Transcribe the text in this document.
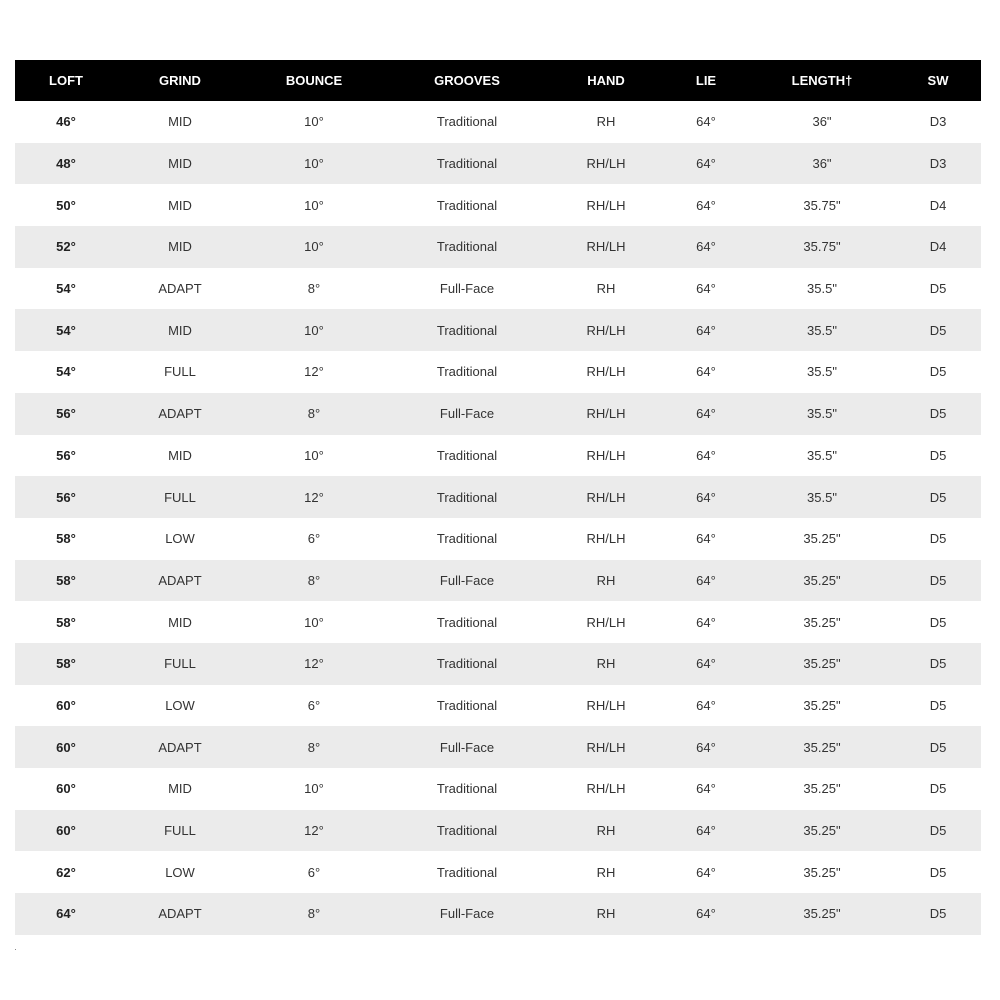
LOFT	GRIND	BOUNCE	GROOVES	HAND	LIE	LENGTH†	SW
46°	MID	10°	Traditional	RH	64°	36"	D3
48°	MID	10°	Traditional	RH/LH	64°	36"	D3
50°	MID	10°	Traditional	RH/LH	64°	35.75"	D4
52°	MID	10°	Traditional	RH/LH	64°	35.75"	D4
54°	ADAPT	8°	Full-Face	RH	64°	35.5"	D5
54°	MID	10°	Traditional	RH/LH	64°	35.5"	D5
54°	FULL	12°	Traditional	RH/LH	64°	35.5"	D5
56°	ADAPT	8°	Full-Face	RH/LH	64°	35.5"	D5
56°	MID	10°	Traditional	RH/LH	64°	35.5"	D5
56°	FULL	12°	Traditional	RH/LH	64°	35.5"	D5
58°	LOW	6°	Traditional	RH/LH	64°	35.25"	D5
58°	ADAPT	8°	Full-Face	RH	64°	35.25"	D5
58°	MID	10°	Traditional	RH/LH	64°	35.25"	D5
58°	FULL	12°	Traditional	RH	64°	35.25"	D5
60°	LOW	6°	Traditional	RH/LH	64°	35.25"	D5
60°	ADAPT	8°	Full-Face	RH/LH	64°	35.25"	D5
60°	MID	10°	Traditional	RH/LH	64°	35.25"	D5
60°	FULL	12°	Traditional	RH	64°	35.25"	D5
62°	LOW	6°	Traditional	RH	64°	35.25"	D5
64°	ADAPT	8°	Full-Face	RH	64°	35.25"	D5
